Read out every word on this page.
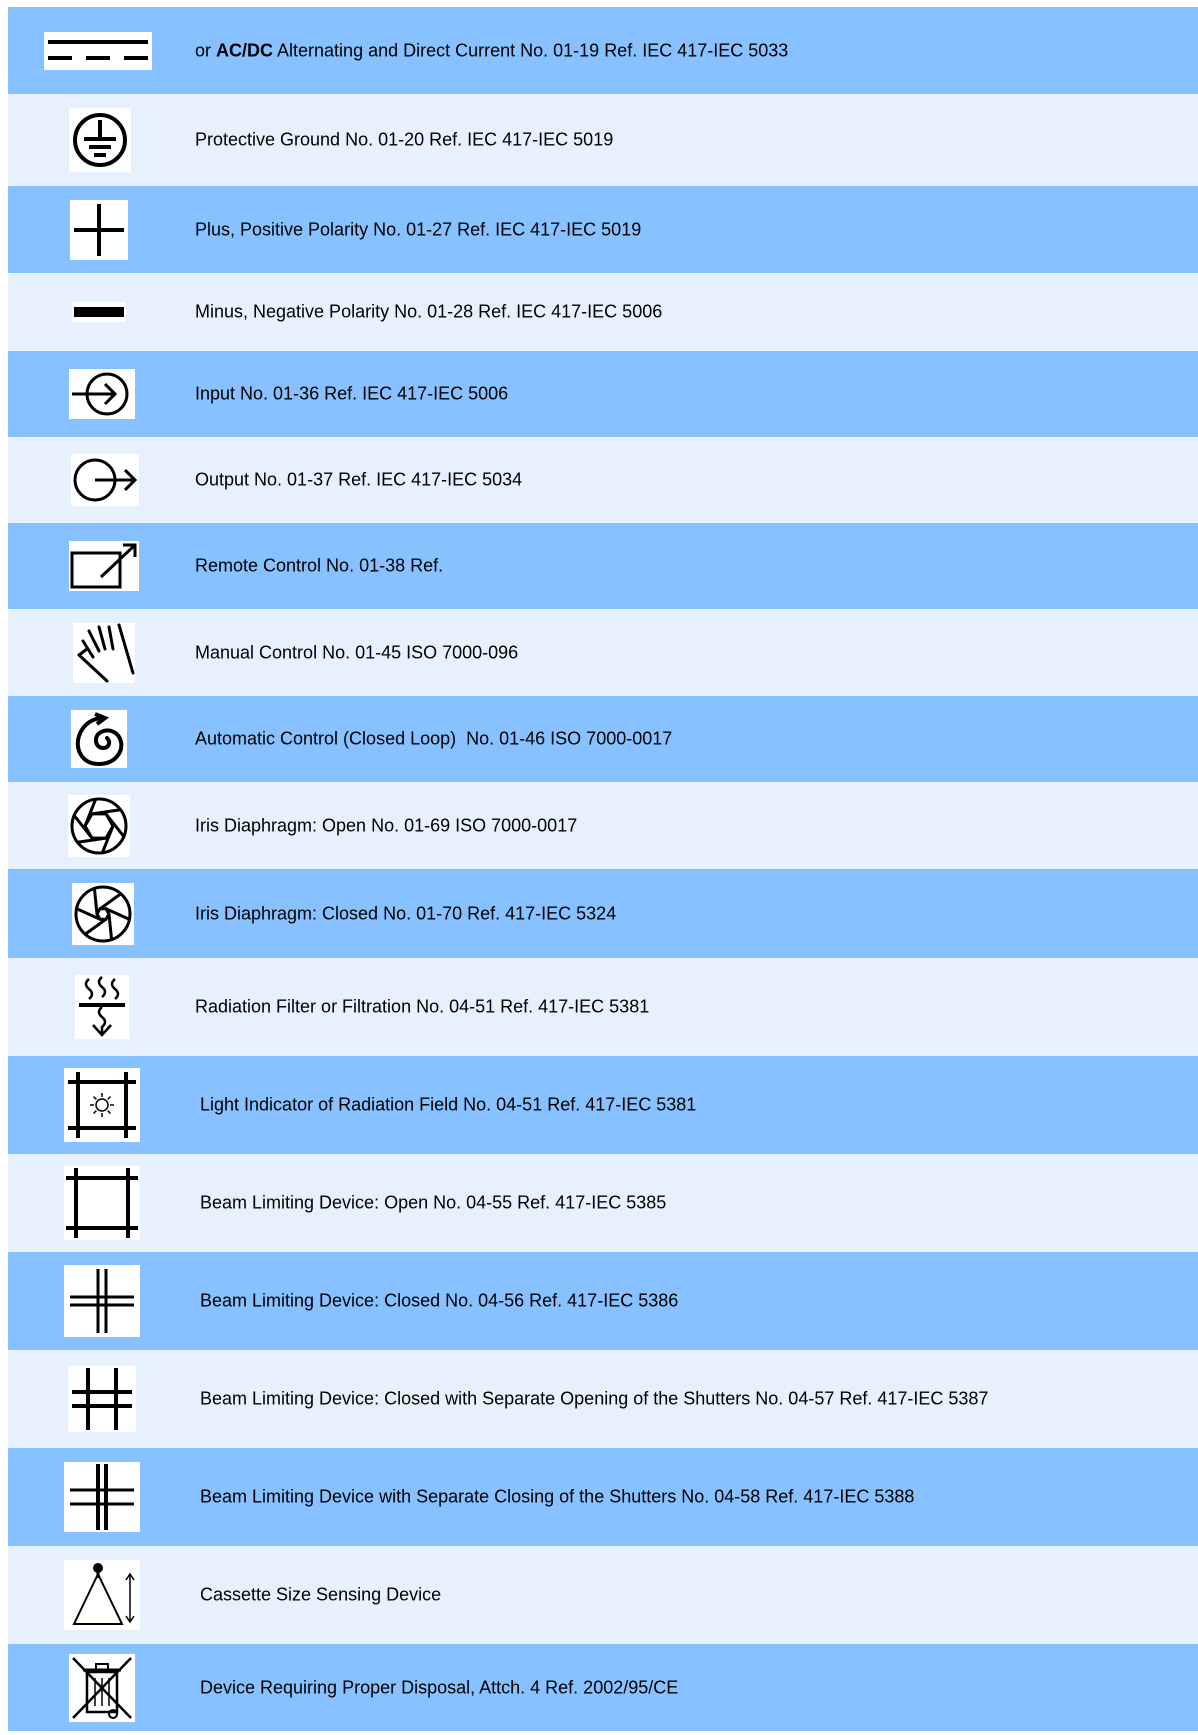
or AC/DC Alternating and Direct Current No. 01-19 Ref. IEC 417-IEC 5033
Protective Ground No. 01-20 Ref. IEC 417-IEC 5019
Plus, Positive Polarity No. 01-27 Ref. IEC 417-IEC 5019
Minus, Negative Polarity No. 01-28 Ref. IEC 417-IEC 5006
Input No. 01-36 Ref. IEC 417-IEC 5006
Output No. 01-37 Ref. IEC 417-IEC 5034
Remote Control No. 01-38 Ref.
Manual Control No. 01-45 ISO 7000-096
Automatic Control (Closed Loop)  No. 01-46 ISO 7000-0017
Iris Diaphragm: Open No. 01-69 ISO 7000-0017
Iris Diaphragm: Closed No. 01-70 Ref. 417-IEC 5324
Radiation Filter or Filtration No. 04-51 Ref. 417-IEC 5381
Light Indicator of Radiation Field No. 04-51 Ref. 417-IEC 5381
Beam Limiting Device: Open No. 04-55 Ref. 417-IEC 5385
Beam Limiting Device: Closed No. 04-56 Ref. 417-IEC 5386
Beam Limiting Device: Closed with Separate Opening of the Shutters No. 04-57 Ref. 417-IEC 5387
Beam Limiting Device with Separate Closing of the Shutters No. 04-58 Ref. 417-IEC 5388
Cassette Size Sensing Device
Device Requiring Proper Disposal, Attch. 4 Ref. 2002/95/CE
